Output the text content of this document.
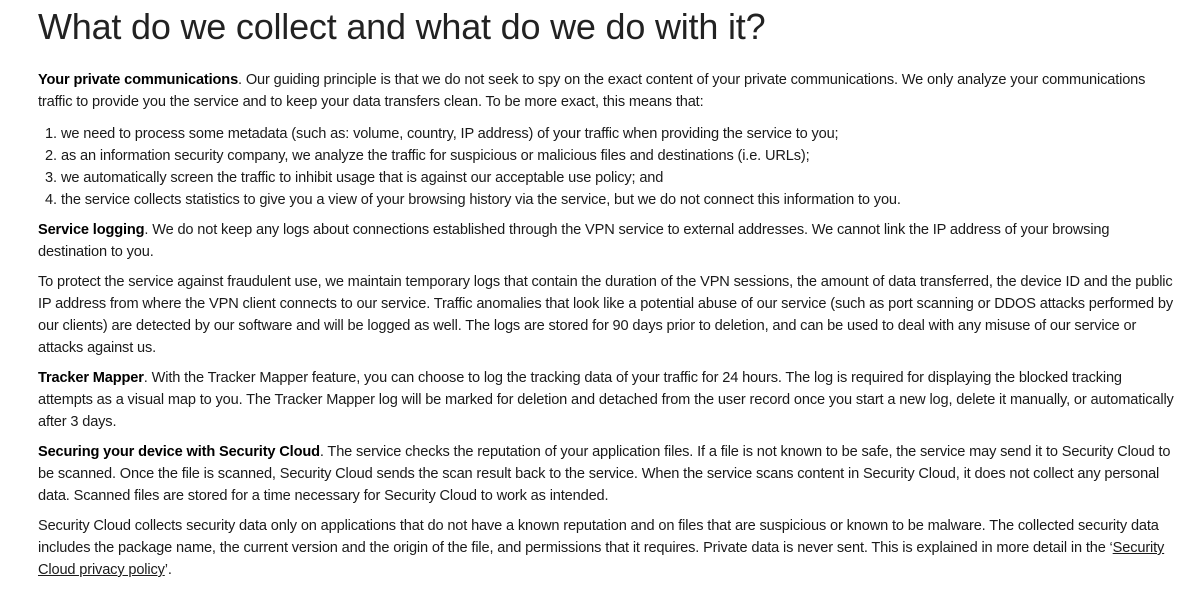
What do we collect and what do we do with it?

Your private communications. Our guiding principle is that we do not seek to spy on the exact content of your private communications. We only analyze your communications traffic to provide you the service and to keep your data transfers clean. To be more exact, this means that:

1. we need to process some metadata (such as: volume, country, IP address) of your traffic when providing the service to you;
2. as an information security company, we analyze the traffic for suspicious or malicious files and destinations (i.e. URLs);
3. we automatically screen the traffic to inhibit usage that is against our acceptable use policy; and
4. the service collects statistics to give you a view of your browsing history via the service, but we do not connect this information to you.

Service logging. We do not keep any logs about connections established through the VPN service to external addresses. We cannot link the IP address of your browsing destination to you.

To protect the service against fraudulent use, we maintain temporary logs that contain the duration of the VPN sessions, the amount of data transferred, the device ID and the public IP address from where the VPN client connects to our service. Traffic anomalies that look like a potential abuse of our service (such as port scanning or DDOS attacks performed by our clients) are detected by our software and will be logged as well. The logs are stored for 90 days prior to deletion, and can be used to deal with any misuse of our service or attacks against us.

Tracker Mapper. With the Tracker Mapper feature, you can choose to log the tracking data of your traffic for 24 hours. The log is required for displaying the blocked tracking attempts as a visual map to you. The Tracker Mapper log will be marked for deletion and detached from the user record once you start a new log, delete it manually, or automatically after 3 days.

Securing your device with Security Cloud. The service checks the reputation of your application files. If a file is not known to be safe, the service may send it to Security Cloud to be scanned. Once the file is scanned, Security Cloud sends the scan result back to the service. When the service scans content in Security Cloud, it does not collect any personal data. Scanned files are stored for a time necessary for Security Cloud to work as intended.

Security Cloud collects security data only on applications that do not have a known reputation and on files that are suspicious or known to be malware. The collected security data includes the package name, the current version and the origin of the file, and permissions that it requires. Private data is never sent. This is explained in more detail in the ‘Security Cloud privacy policy’.
